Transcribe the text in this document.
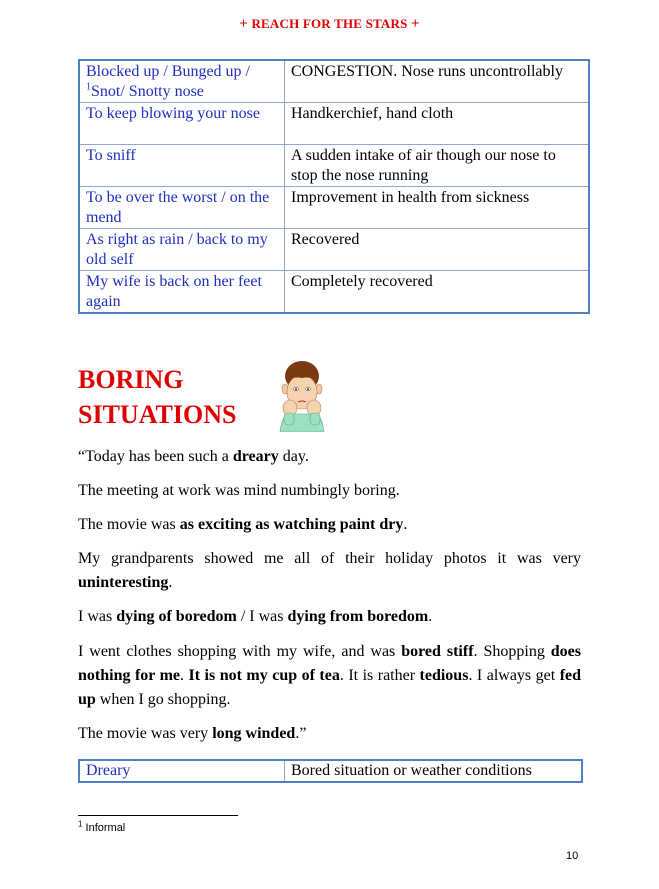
+ REACH FOR THE STARS +
Blocked up / Bunged up / $^1$Snot/ Snotty nose	CONGESTION. Nose runs uncontrollably
To keep blowing your nose	Handkerchief, hand cloth
To sniff	A sudden intake of air though our nose to stop the nose running
To be over the worst / on the mend	Improvement in health from sickness
As right as rain / back to my old self	Recovered
My wife is back on her feet again	Completely recovered
BORING
SITUATIONS
“Today has been such a dreary day.
The meeting at work was mind numbingly boring.
The movie was as exciting as watching paint dry.
My grandparents showed me all of their holiday photos it was very uninteresting.
I was dying of boredom / I was dying from boredom.
I went clothes shopping with my wife, and was bored stiff. Shopping does nothing for me. It is not my cup of tea. It is rather tedious. I always get fed up when I go shopping.
The movie was very long winded.”
Dreary	Bored situation or weather conditions
$^1$ Informal
10
